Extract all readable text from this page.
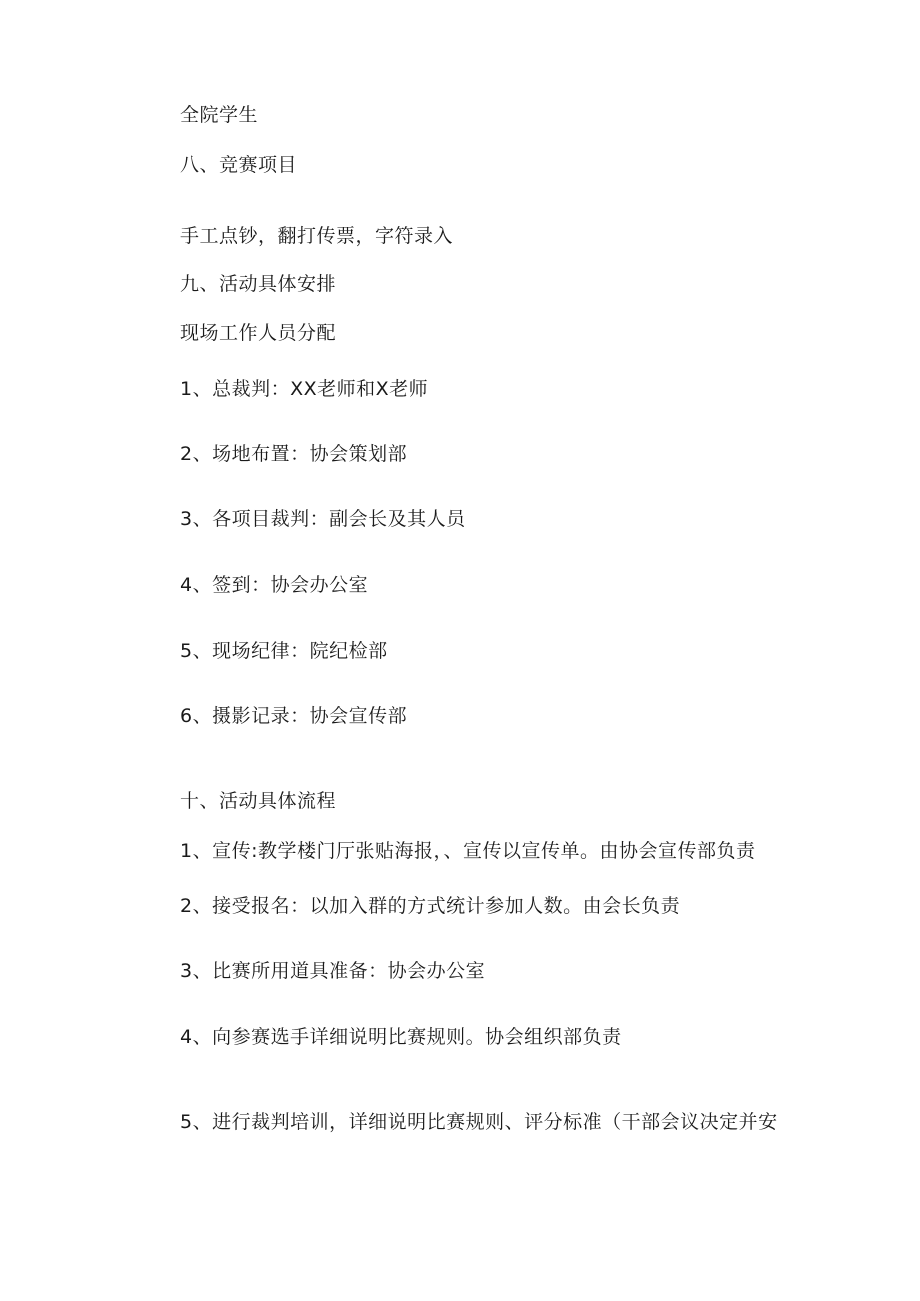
全院学生
八、竞赛项目
手工点钞，翻打传票，字符录入
九、活动具体安排
现场工作人员分配
1、总裁判：XX老师和X老师
2、场地布置：协会策划部
3、各项目裁判：副会长及其人员
4、签到：协会办公室
5、现场纪律：院纪检部
6、摄影记录：协会宣传部
十、活动具体流程
1、宣传:教学楼门厅张贴海报，、宣传以宣传单。由协会宣传部负责
2、接受报名：以加入群的方式统计参加人数。由会长负责
3、比赛所用道具准备：协会办公室
4、向参赛选手详细说明比赛规则。协会组织部负责
5、进行裁判培训，详细说明比赛规则、评分标准（干部会议决定并安
